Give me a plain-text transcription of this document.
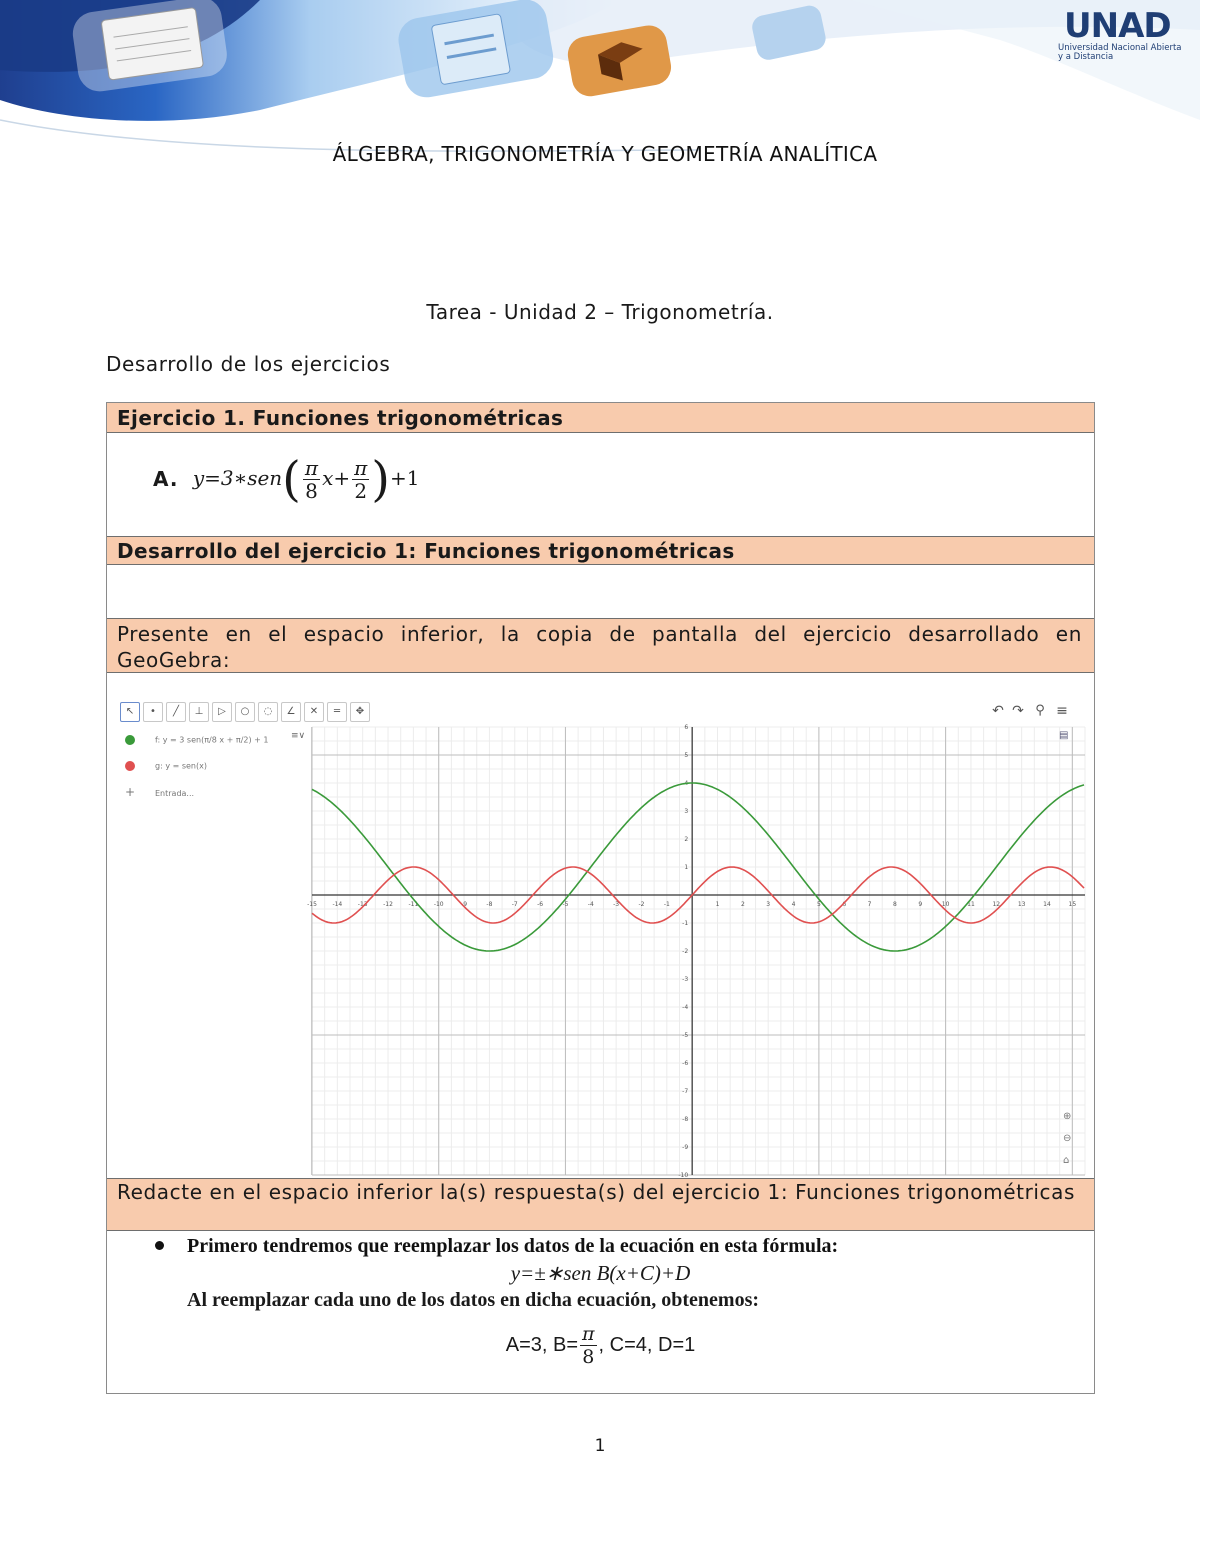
UNAD
Universidad Nacional Abierta y a Distancia
ÁLGEBRA, TRIGONOMETRÍA Y GEOMETRÍA ANALÍTICA
Tarea - Unidad 2 – Trigonometría.
Desarrollo de los ejercicios
Ejercicio 1. Funciones trigonométricas
A. y=3∗sen( $\frac{\pi}{8} x+ \frac{\pi}{2} )+1$
Desarrollo del ejercicio 1: Funciones trigonométricas
Presente en el espacio inferior, la copia de pantalla del ejercicio desarrollado en GeoGebra:
↖	•	╱	⊥	▷	○	◌	∠	✕	═	✥	↶ ↷ ⚲ ≡
f: y = 3 sen(π/8 x + π/2) + 1
g: y = sen(x)
+ Entrada...
≡∨
-15	-14	-13	-12	-11	-10	-9	-8	-7	-6	-5	-4	-3	-2	-1	1	2	3	4	5	6	7	8	9	10	11	12	13	14	15
6
5
4
3
2
1
-1
-2
-3
-4
-5
-6
-7
-8
-9
-10
⊕
⊖
⌂
▤
Redacte en el espacio inferior la(s) respuesta(s) del ejercicio 1: Funciones trigonométricas
Primero tendremos que reemplazar los datos de la ecuación en esta fórmula:
y=±∗sen B(x+C)+D
Al reemplazar cada uno de los datos en dicha ecuación, obtenemos:
A=3, $B= \frac{\pi}{8}$ , C=4, D=1
1
